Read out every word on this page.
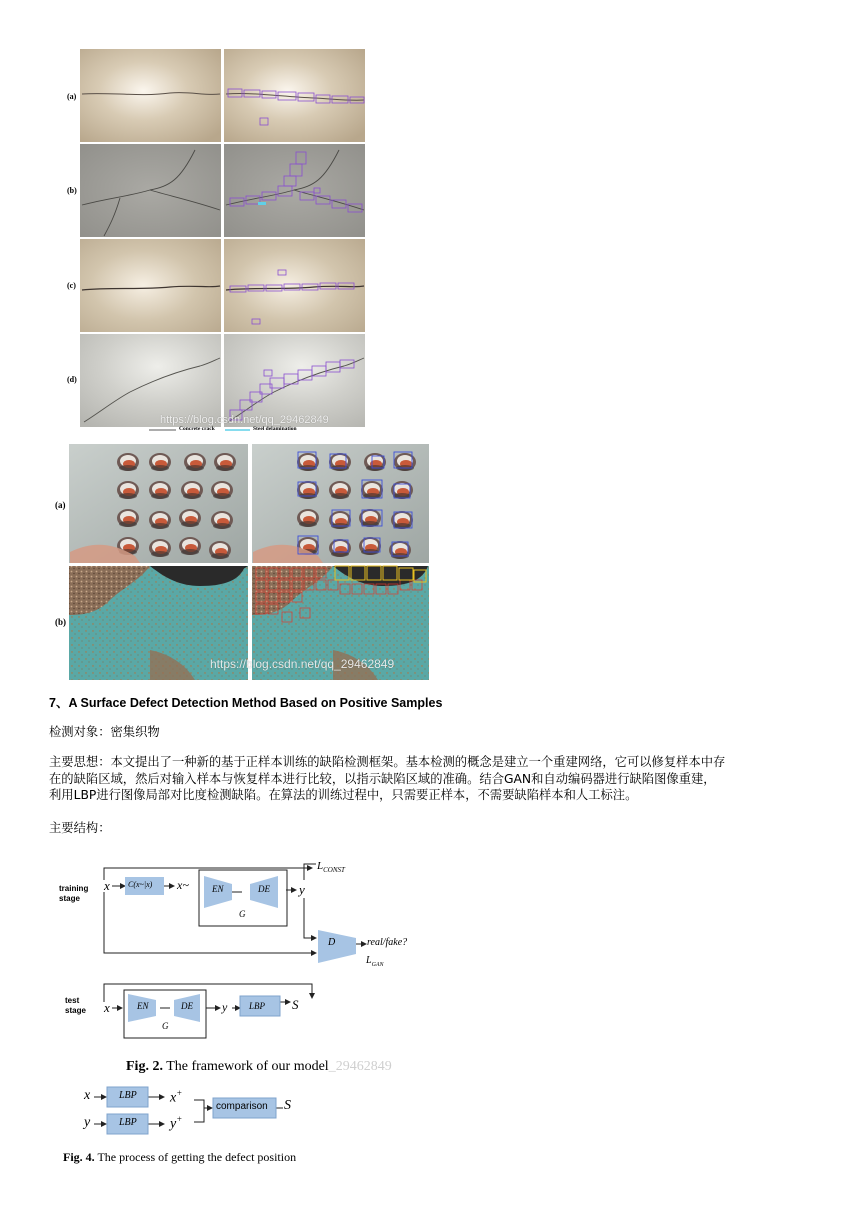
(a)
(b)
(c)
(d)
Concrete crack	Steel delamination
https://blog.csdn.net/qq_29462849
(a)
(b)
https://blog.csdn.net/qq_29462849
7、A Surface Defect Detection Method Based on Positive Samples
检测对象：密集织物
主要思想：本文提出了一种新的基于正样本训练的缺陷检测框架。基本检测的概念是建立一个重建网络，它可以修复样本中存
在的缺陷区域，然后对输入样本与恢复样本进行比较，以指示缺陷区域的准确。结合GAN和自动编码器进行缺陷图像重建，
利用LBP进行图像局部对比度检测缺陷。在算法的训练过程中，只需要正样本，不需要缺陷样本和人工标注。
主要结构：
training
stage
test
stage
x C(x~|x) x~	EN	DE
G
y
$L_{CONST}$
D	real/fake?
$L_{GAN}$
x	EN	DE
G
y LBP S
Fig. 2. The framework of our model_29462849
x
y
LBP
LBP
x+
y+
comparison S
Fig. 4. The process of getting the defect position
